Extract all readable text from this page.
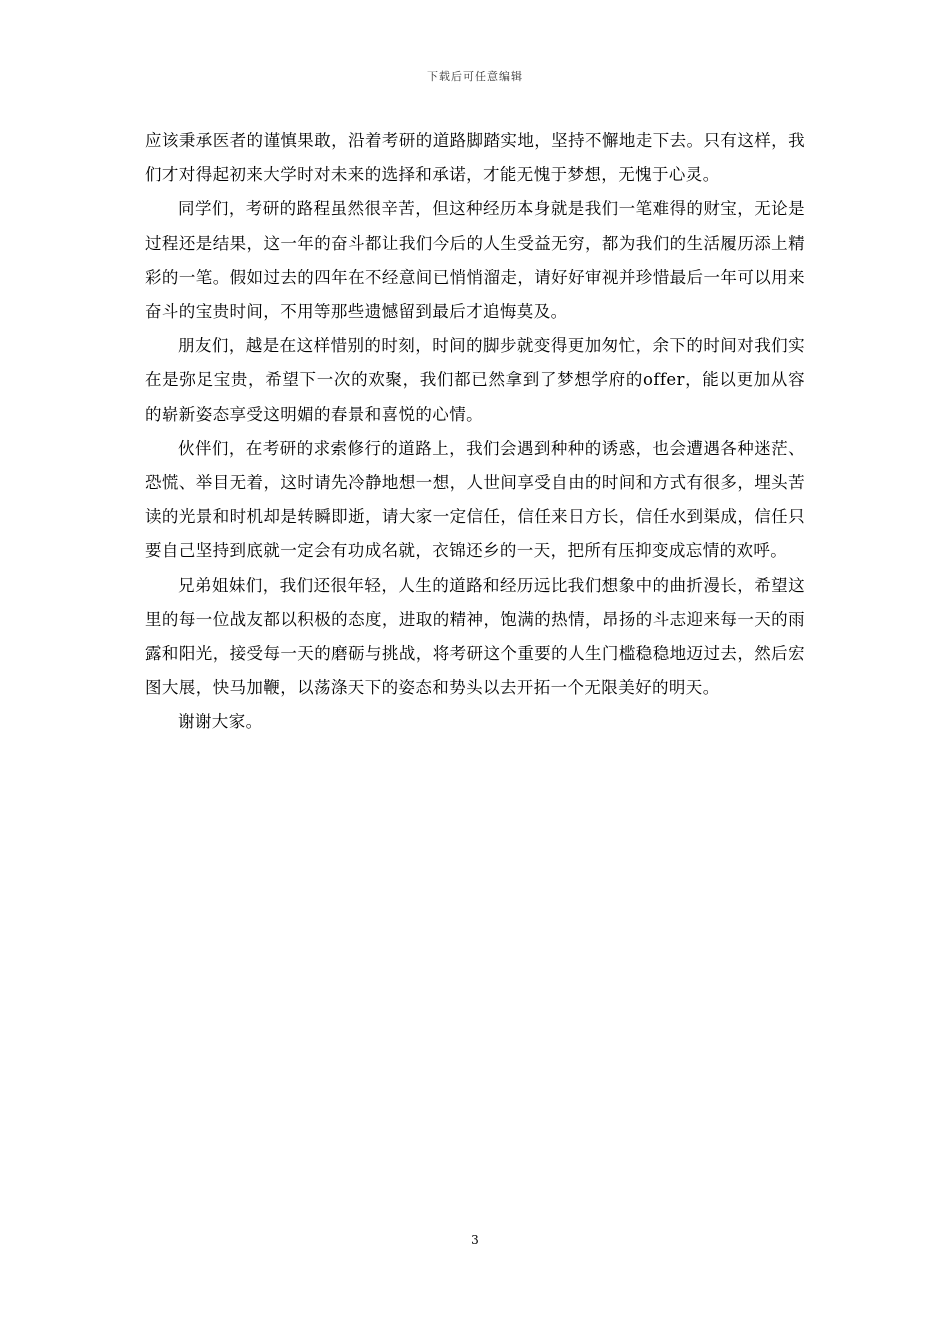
下载后可任意编辑

应该秉承医者的谨慎果敢，沿着考研的道路脚踏实地，坚持不懈地走下去。只有这样，我们才对得起初来大学时对未来的选择和承诺，才能无愧于梦想，无愧于心灵。

同学们，考研的路程虽然很辛苦，但这种经历本身就是我们一笔难得的财宝，无论是过程还是结果，这一年的奋斗都让我们今后的人生受益无穷，都为我们的生活履历添上精彩的一笔。假如过去的四年在不经意间已悄悄溜走，请好好审视并珍惜最后一年可以用来奋斗的宝贵时间，不用等那些遗憾留到最后才追悔莫及。

朋友们，越是在这样惜别的时刻，时间的脚步就变得更加匆忙，余下的时间对我们实在是弥足宝贵，希望下一次的欢聚，我们都已然拿到了梦想学府的offer，能以更加从容的崭新姿态享受这明媚的春景和喜悦的心情。

伙伴们，在考研的求索修行的道路上，我们会遇到种种的诱惑，也会遭遇各种迷茫、恐慌、举目无着，这时请先冷静地想一想，人世间享受自由的时间和方式有很多，埋头苦读的光景和时机却是转瞬即逝，请大家一定信任，信任来日方长，信任水到渠成，信任只要自己坚持到底就一定会有功成名就，衣锦还乡的一天，把所有压抑变成忘情的欢呼。

兄弟姐妹们，我们还很年轻，人生的道路和经历远比我们想象中的曲折漫长，希望这里的每一位战友都以积极的态度，进取的精神，饱满的热情，昂扬的斗志迎来每一天的雨露和阳光，接受每一天的磨砺与挑战，将考研这个重要的人生门槛稳稳地迈过去，然后宏图大展，快马加鞭，以荡涤天下的姿态和势头以去开拓一个无限美好的明天。

谢谢大家。

3
